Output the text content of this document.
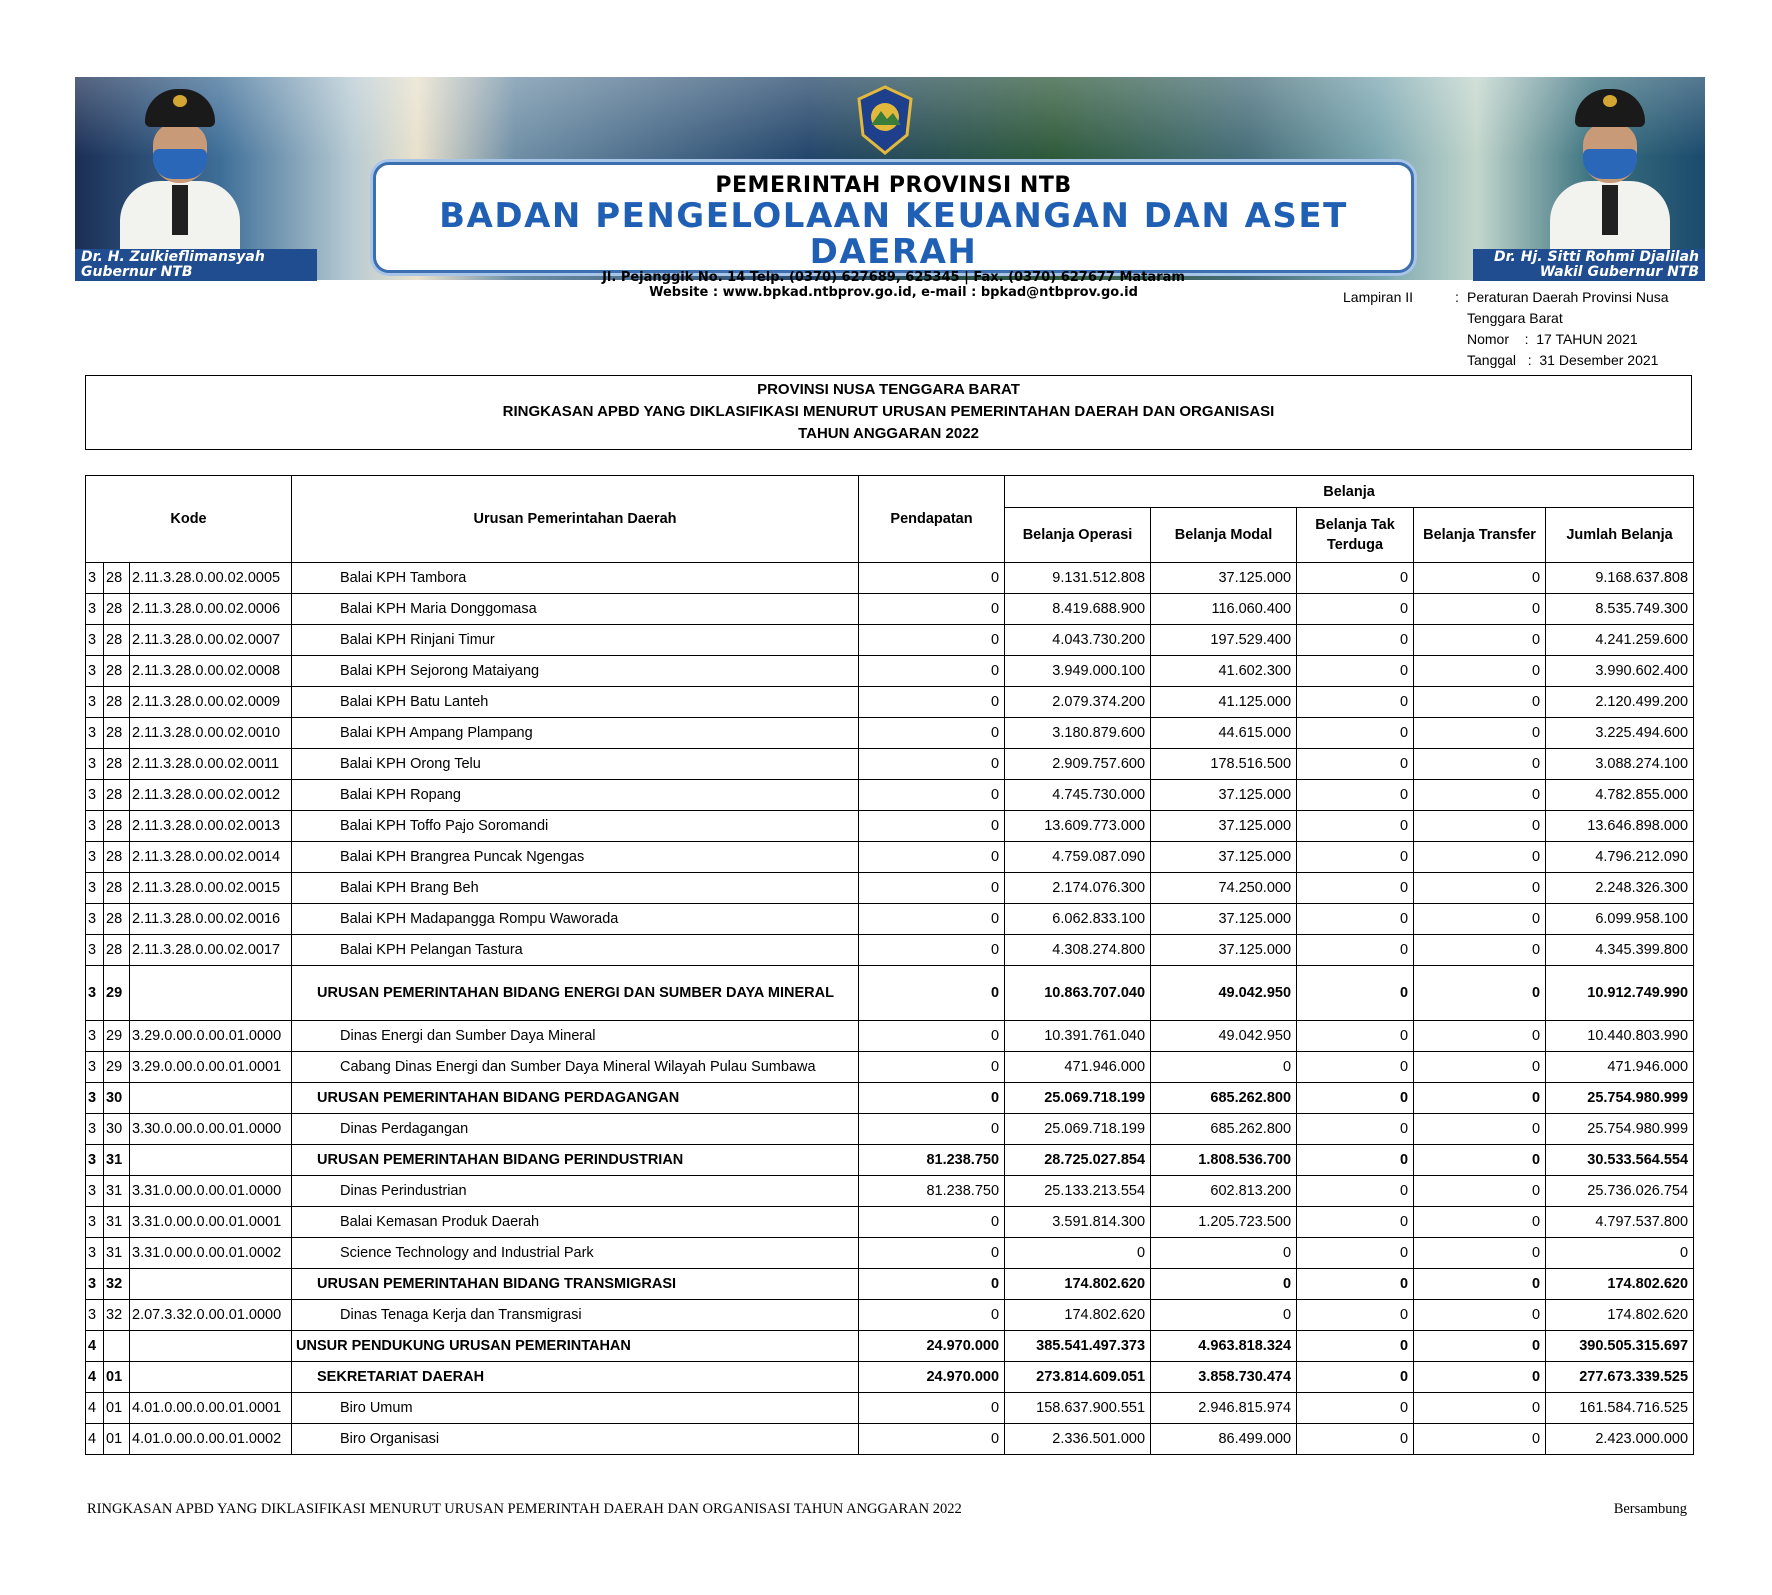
PEMERINTAH PROVINSI NTB
BADAN PENGELOLAAN KEUANGAN DAN ASET DAERAH
Jl. Pejanggik No. 14 Telp. (0370) 627689, 625345 | Fax. (0370) 627677 Mataram
Website : www.bpkad.ntbprov.go.id, e-mail : bpkad@ntbprov.go.id
Dr. H. Zulkieflimansyah
Gubernur NTB
Dr. Hj. Sitti Rohmi Djalilah
Wakil Gubernur NTB
Lampiran II	: Peraturan Daerah Provinsi Nusa
Tenggara Barat
Nomor    :  17 TAHUN 2021
Tanggal   :  31 Desember 2021
PROVINSI NUSA TENGGARA BARAT
RINGKASAN APBD YANG DIKLASIFIKASI MENURUT URUSAN PEMERINTAHAN DAERAH DAN ORGANISASI
TAHUN ANGGARAN 2022
Kode			Urusan Pemerintahan Daerah	Pendapatan	Belanja				
					Belanja Operasi	Belanja Modal	Belanja Tak Terduga	Belanja Transfer	Jumlah Belanja
3	28	2.11.3.28.0.00.02.0005	Balai KPH Tambora	0	9.131.512.808	37.125.000	0	0	9.168.637.808
3	28	2.11.3.28.0.00.02.0006	Balai KPH Maria Donggomasa	0	8.419.688.900	116.060.400	0	0	8.535.749.300
3	28	2.11.3.28.0.00.02.0007	Balai KPH Rinjani Timur	0	4.043.730.200	197.529.400	0	0	4.241.259.600
3	28	2.11.3.28.0.00.02.0008	Balai KPH Sejorong Mataiyang	0	3.949.000.100	41.602.300	0	0	3.990.602.400
3	28	2.11.3.28.0.00.02.0009	Balai KPH Batu Lanteh	0	2.079.374.200	41.125.000	0	0	2.120.499.200
3	28	2.11.3.28.0.00.02.0010	Balai KPH Ampang Plampang	0	3.180.879.600	44.615.000	0	0	3.225.494.600
3	28	2.11.3.28.0.00.02.0011	Balai KPH Orong Telu	0	2.909.757.600	178.516.500	0	0	3.088.274.100
3	28	2.11.3.28.0.00.02.0012	Balai KPH Ropang	0	4.745.730.000	37.125.000	0	0	4.782.855.000
3	28	2.11.3.28.0.00.02.0013	Balai KPH Toffo Pajo Soromandi	0	13.609.773.000	37.125.000	0	0	13.646.898.000
3	28	2.11.3.28.0.00.02.0014	Balai KPH Brangrea Puncak Ngengas	0	4.759.087.090	37.125.000	0	0	4.796.212.090
3	28	2.11.3.28.0.00.02.0015	Balai KPH Brang Beh	0	2.174.076.300	74.250.000	0	0	2.248.326.300
3	28	2.11.3.28.0.00.02.0016	Balai KPH Madapangga Rompu Waworada	0	6.062.833.100	37.125.000	0	0	6.099.958.100
3	28	2.11.3.28.0.00.02.0017	Balai KPH Pelangan Tastura	0	4.308.274.800	37.125.000	0	0	4.345.399.800
3	29		URUSAN PEMERINTAHAN BIDANG ENERGI DAN SUMBER DAYA MINERAL	0	10.863.707.040	49.042.950	0	0	10.912.749.990
3	29	3.29.0.00.0.00.01.0000	Dinas Energi dan Sumber Daya Mineral	0	10.391.761.040	49.042.950	0	0	10.440.803.990
3	29	3.29.0.00.0.00.01.0001	Cabang Dinas Energi dan Sumber Daya Mineral Wilayah Pulau Sumbawa	0	471.946.000	0	0	0	471.946.000
3	30		URUSAN PEMERINTAHAN BIDANG PERDAGANGAN	0	25.069.718.199	685.262.800	0	0	25.754.980.999
3	30	3.30.0.00.0.00.01.0000	Dinas Perdagangan	0	25.069.718.199	685.262.800	0	0	25.754.980.999
3	31		URUSAN PEMERINTAHAN BIDANG PERINDUSTRIAN	81.238.750	28.725.027.854	1.808.536.700	0	0	30.533.564.554
3	31	3.31.0.00.0.00.01.0000	Dinas Perindustrian	81.238.750	25.133.213.554	602.813.200	0	0	25.736.026.754
3	31	3.31.0.00.0.00.01.0001	Balai Kemasan Produk Daerah	0	3.591.814.300	1.205.723.500	0	0	4.797.537.800
3	31	3.31.0.00.0.00.01.0002	Science Technology and Industrial Park	0	0	0	0	0	0
3	32		URUSAN PEMERINTAHAN BIDANG TRANSMIGRASI	0	174.802.620	0	0	0	174.802.620
3	32	2.07.3.32.0.00.01.0000	Dinas Tenaga Kerja dan Transmigrasi	0	174.802.620	0	0	0	174.802.620
4			UNSUR PENDUKUNG URUSAN PEMERINTAHAN	24.970.000	385.541.497.373	4.963.818.324	0	0	390.505.315.697
4	01		SEKRETARIAT DAERAH	24.970.000	273.814.609.051	3.858.730.474	0	0	277.673.339.525
4	01	4.01.0.00.0.00.01.0001	Biro Umum	0	158.637.900.551	2.946.815.974	0	0	161.584.716.525
4	01	4.01.0.00.0.00.01.0002	Biro Organisasi	0	2.336.501.000	86.499.000	0	0	2.423.000.000
RINGKASAN APBD YANG DIKLASIFIKASI MENURUT URUSAN PEMERINTAH DAERAH DAN ORGANISASI TAHUN ANGGARAN 2022	Bersambung
